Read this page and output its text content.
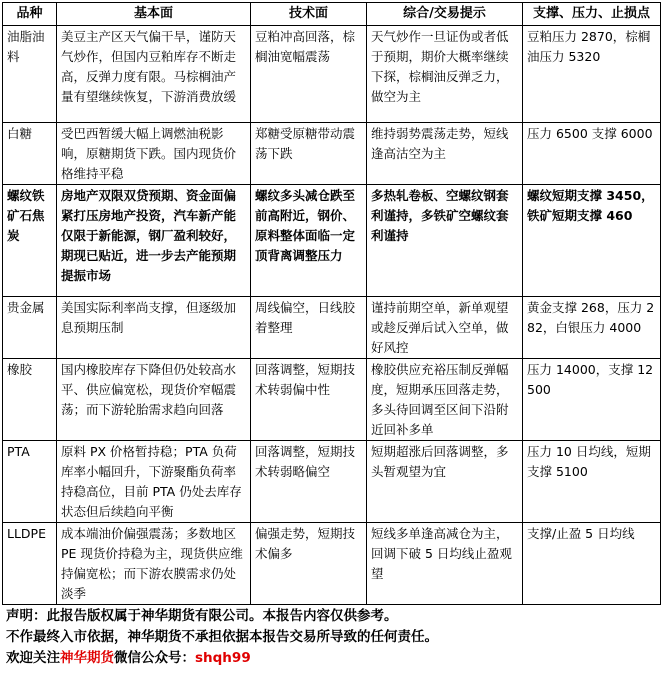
品种	基本面	技术面	综合/交易提示	支撑、压力、止损点
油脂油料	美豆主产区天气偏干旱，谨防天气炒作，但国内豆粕库存不断走高，反弹力度有限。马棕榈油产量有望继续恢复，下游消费放缓	豆粕冲高回落，棕榈油宽幅震荡	天气炒作一旦证伪或者低于预期，期价大概率继续下探，棕榈油反弹乏力，做空为主	豆粕压力 2870，棕榈油压力 5320
白糖	受巴西暂缓大幅上调燃油税影响，原糖期货下跌。国内现货价格维持平稳	郑糖受原糖带动震荡下跌	维持弱势震荡走势，短线逢高沽空为主	压力 6500 支撑 6000
螺纹铁矿石焦炭	房地产双限双贷预期、资金面偏紧打压房地产投资，汽车新产能仅限于新能源，钢厂盈利较好，期现已贴近，进一步去产能预期提振市场	螺纹多头减仓跌至前高附近，钢价、原料整体面临一定顶背离调整压力	多热轧卷板、空螺纹钢套利谨持，多铁矿空螺纹套利谨持	螺纹短期支撑 3450，铁矿短期支撑 460
贵金属	美国实际利率尚支撑，但逐级加息预期压制	周线偏空，日线胶着整理	谨持前期空单，新单观望或趁反弹后试入空单，做好风控	黄金支撑 268，压力 282，白银压力 4000
橡胶	国内橡胶库存下降但仍处较高水平、供应偏宽松，现货价窄幅震荡；而下游轮胎需求趋向回落	回落调整，短期技术转弱偏中性	橡胶供应充裕压制反弹幅度，短期承压回落走势，多头待回调至区间下沿附近回补多单	压力 14000，支撑 12500
PTA	原料 PX 价格暂持稳；PTA 负荷库率小幅回升，下游聚酯负荷率持稳高位，目前 PTA 仍处去库存状态但后续趋向平衡	回落调整，短期技术转弱略偏空	短期超涨后回落调整，多头暂观望为宜	压力 10 日均线，短期支撑 5100
LLDPE	成本端油价偏强震荡；多数地区 PE 现货价持稳为主，现货供应维持偏宽松；而下游农膜需求仍处淡季	偏强走势，短期技术偏多	短线多单逢高减仓为主，回调下破 5 日均线止盈观望	支撑/止盈 5 日均线
声明：此报告版权属于神华期货有限公司。本报告内容仅供参考。
不作最终入市依据，神华期货不承担依据本报告交易所导致的任何责任。
欢迎关注神华期货微信公众号：shqh99
